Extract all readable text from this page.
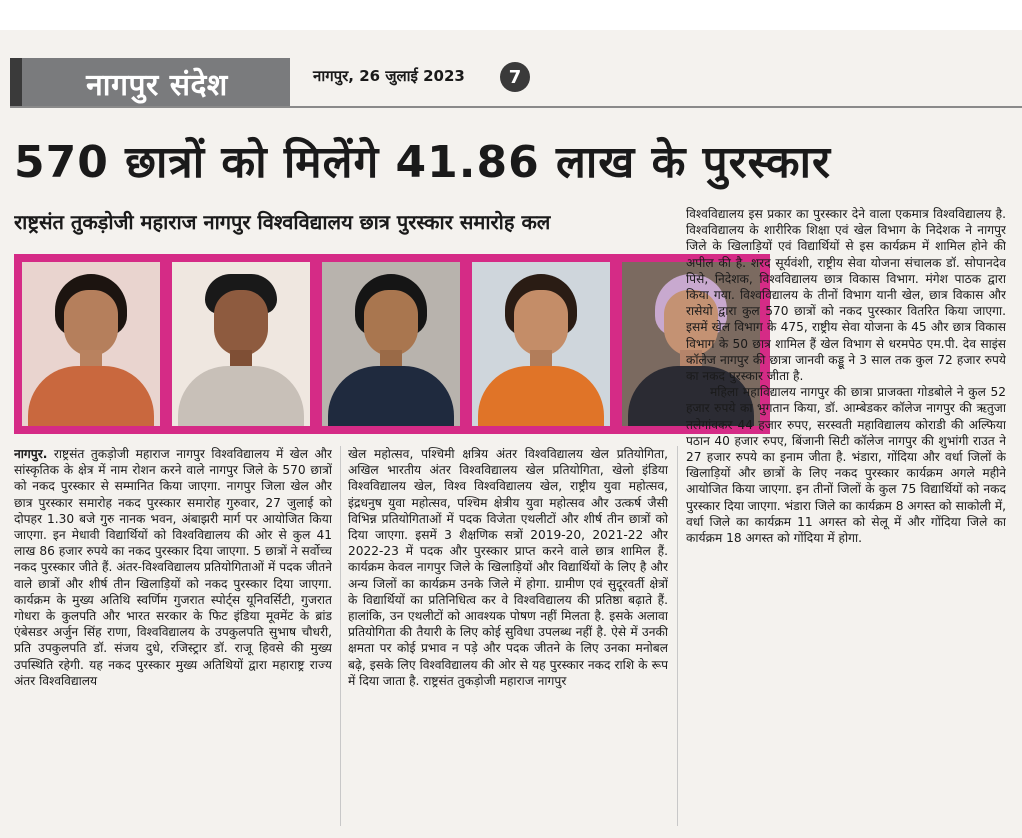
नागपुर संदेश	नागपुर, 26 जुलाई 2023	7
570 छात्रों को मिलेंगे 41.86 लाख के पुरस्कार
राष्ट्रसंत तुकड़ोजी महाराज नागपुर विश्वविद्यालय छात्र पुरस्कार समारोह कल

नागपुर. राष्ट्रसंत तुकड़ोजी महाराज नागपुर विश्वविद्यालय में खेल और सांस्कृतिक के क्षेत्र में नाम रोशन करने वाले नागपुर जिले के 570 छात्रों को नकद पुरस्कार से सम्मानित किया जाएगा. नागपुर जिला खेल और छात्र पुरस्कार समारोह नकद पुरस्कार समारोह गुरुवार, 27 जुलाई को दोपहर 1.30 बजे गुरु नानक भवन, अंबाझरी मार्ग पर आयोजित किया जाएगा. इन मेधावी विद्यार्थियों को विश्वविद्यालय की ओर से कुल 41 लाख 86 हजार रुपये का नकद पुरस्कार दिया जाएगा. 5 छात्रों ने सर्वोच्च नकद पुरस्कार जीते हैं. अंतर-विश्वविद्यालय प्रतियोगिताओं में पदक जीतने वाले छात्रों और शीर्ष तीन खिलाड़ियों को नकद पुरस्कार दिया जाएगा. कार्यक्रम के मुख्य अतिथि स्वर्णिम गुजरात स्पोर्ट्स यूनिवर्सिटी, गुजरात गोधरा के कुलपति और भारत सरकार के फिट इंडिया मूवमेंट के ब्रांड एंबेसडर अर्जुन सिंह राणा, विश्वविद्यालय के उपकुलपति सुभाष चौधरी, प्रति उपकुलपति डॉ. संजय दुधे, रजिस्ट्रार डॉ. राजू हिवसे की मुख्य उपस्थिति रहेगी. यह नकद पुरस्कार मुख्य अतिथियों द्वारा महाराष्ट्र राज्य अंतर विश्वविद्यालय

खेल महोत्सव, पश्चिमी क्षत्रिय अंतर विश्वविद्यालय खेल प्रतियोगिता, अखिल भारतीय अंतर विश्वविद्यालय खेल प्रतियोगिता, खेलो इंडिया विश्वविद्यालय खेल, विश्व विश्वविद्यालय खेल, राष्ट्रीय युवा महोत्सव, इंद्रधनुष युवा महोत्सव, पश्चिम क्षेत्रीय युवा महोत्सव और उत्कर्ष जैसी विभिन्न प्रतियोगिताओं में पदक विजेता एथलीटों और शीर्ष तीन छात्रों को दिया जाएगा. इसमें 3 शैक्षणिक सत्रों 2019-20, 2021-22 और 2022-23 में पदक और पुरस्कार प्राप्त करने वाले छात्र शामिल हैं. कार्यक्रम केवल नागपुर जिले के खिलाड़ियों और विद्यार्थियों के लिए है और अन्य जिलों का कार्यक्रम उनके जिले में होगा. ग्रामीण एवं सुदूरवर्ती क्षेत्रों के विद्यार्थियों का प्रतिनिधित्व कर वे विश्वविद्यालय की प्रतिष्ठा बढ़ाते हैं. हालांकि, उन एथलीटों को आवश्यक पोषण नहीं मिलता है. इसके अलावा प्रतियोगिता की तैयारी के लिए कोई सुविधा उपलब्ध नहीं है. ऐसे में उनकी क्षमता पर कोई प्रभाव न पड़े और पदक जीतने के लिए उनका मनोबल बढ़े, इसके लिए विश्वविद्यालय की ओर से यह पुरस्कार नकद राशि के रूप में दिया जाता है. राष्ट्रसंत तुकड़ोजी महाराज नागपुर

विश्वविद्यालय इस प्रकार का पुरस्कार देने वाला एकमात्र विश्वविद्यालय है. विश्वविद्यालय के शारीरिक शिक्षा एवं खेल विभाग के निदेशक ने नागपुर जिले के खिलाड़ियों एवं विद्यार्थियों से इस कार्यक्रम में शामिल होने की अपील की है. शरद सूर्यवंशी, राष्ट्रीय सेवा योजना संचालक डॉ. सोपानदेव पिसे, निदेशक, विश्वविद्यालय छात्र विकास विभाग. मंगेश पाठक द्वारा किया गया. विश्वविद्यालय के तीनों विभाग यानी खेल, छात्र विकास और रासेयो द्वारा कुल 570 छात्रों को नकद पुरस्कार वितरित किया जाएगा. इसमें खेल विभाग के 475, राष्ट्रीय सेवा योजना के 45 और छात्र विकास विभाग के 50 छात्र शामिल हैं खेल विभाग से धरमपेठ एम.पी. देव साइंस कॉलेज नागपुर की छात्रा जानवी कड्डू ने 3 साल तक कुल 72 हजार रुपये का नकद पुरस्कार जीता है.

महिला महाविद्यालय नागपुर की छात्रा प्राजक्ता गोडबोले ने कुल 52 हजार रुपये का भुगतान किया, डॉ. आम्बेडकर कॉलेज नागपुर की ऋतुजा तलेगांवकर 44 हजार रुपए, सरस्वती महाविद्यालय कोराडी की अल्फिया पठान 40 हजार रुपए, बिंजानी सिटी कॉलेज नागपुर की शुभांगी राउत ने 27 हजार रुपये का इनाम जीता है. भंडारा, गोंदिया और वर्धा जिलों के खिलाड़ियों और छात्रों के लिए नकद पुरस्कार कार्यक्रम अगले महीने आयोजित किया जाएगा. इन तीनों जिलों के कुल 75 विद्यार्थियों को नकद पुरस्कार दिया जाएगा. भंडारा जिले का कार्यक्रम 8 अगस्त को साकोली में, वर्धा जिले का कार्यक्रम 11 अगस्त को सेलू में और गोंदिया जिले का कार्यक्रम 18 अगस्त को गोंदिया में होगा.
